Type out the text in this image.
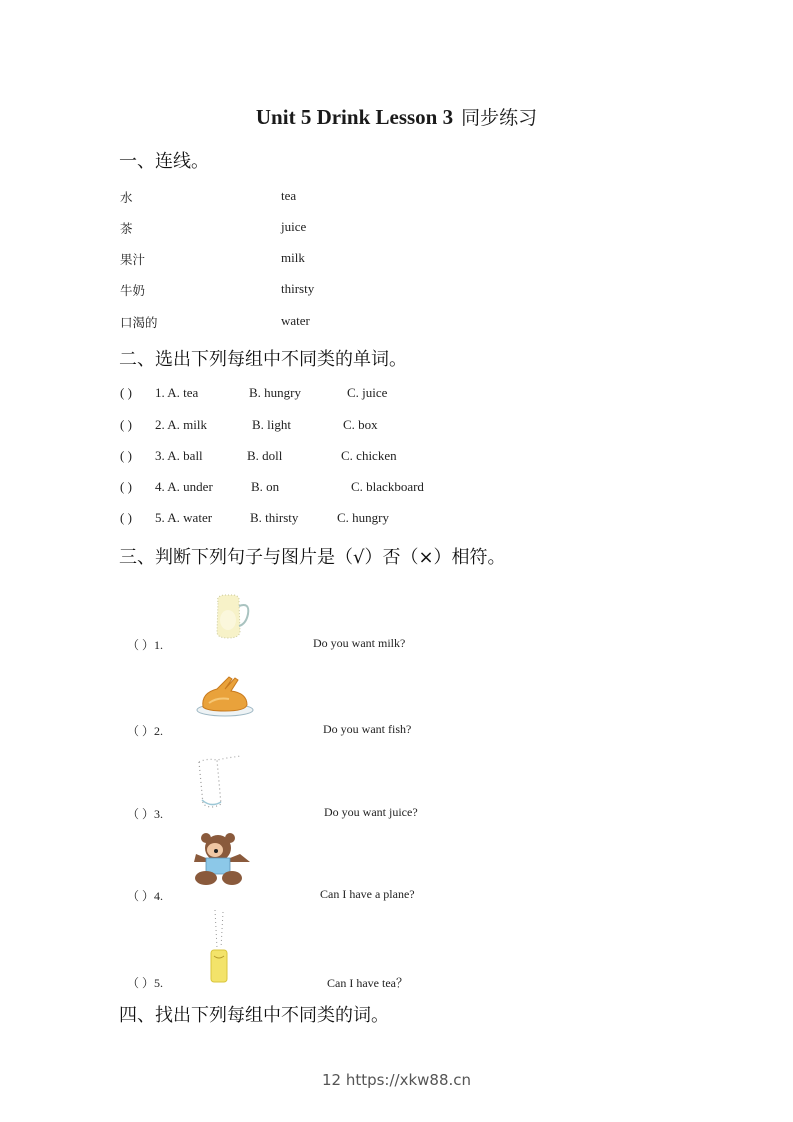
Unit 5 Drink Lesson 3 同步练习
一、连线。
水	tea
茶	juice
果汁	milk
牛奶	thirsty
口渴的	water
二、选出下列每组中不同类的单词。
( ) 1. A. tea	B. hungry	C. juice
( ) 2. A. milk	B. light	C. box
( ) 3. A. ball	B. doll	C. chicken
( ) 4. A. under	B. on	C. blackboard
( ) 5. A. water	B. thirsty	C. hungry
三、判断下列句子与图片是（√）否（×）相符。
（ ）1.	Do you want milk?
（ ）2.	Do you want fish?
（ ）3.	Do you want juice?
（ ）4.	Can I have a plane?
（ ）5.	Can I have tea？
四、找出下列每组中不同类的词。
12 https://xkw88.cn
